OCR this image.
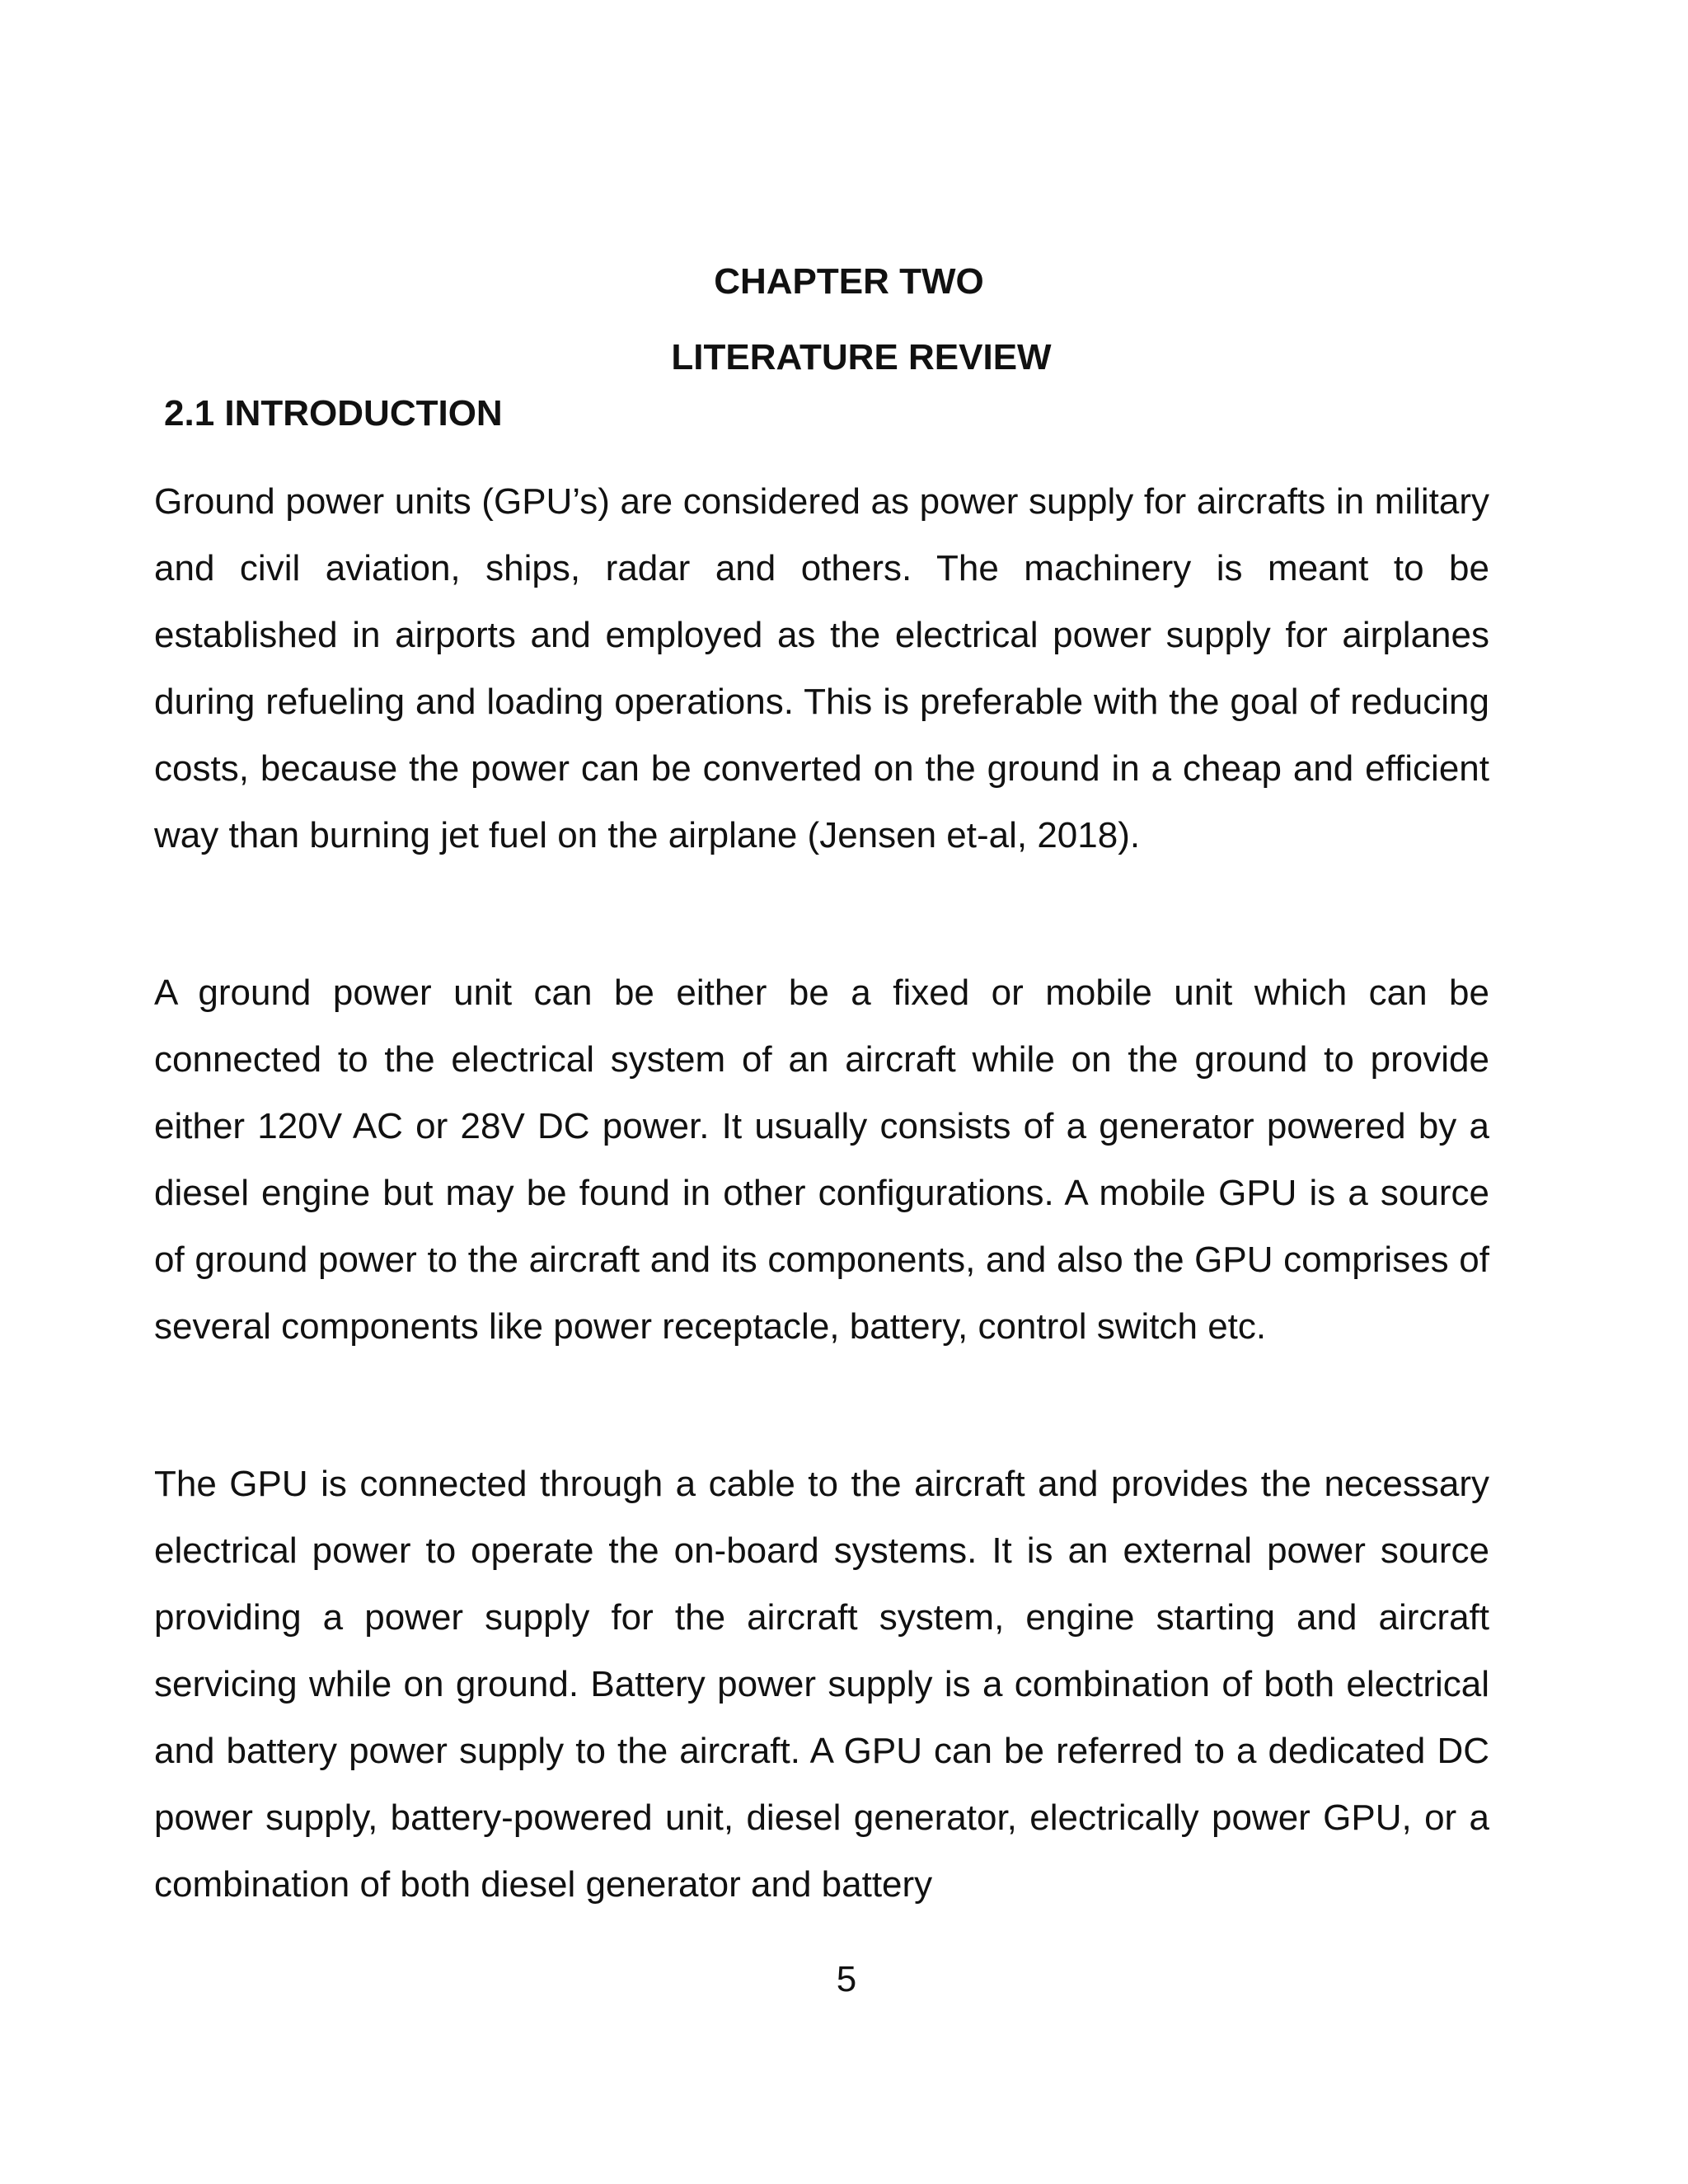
CHAPTER TWO
LITERATURE REVIEW
2.1 INTRODUCTION

Ground power units (GPU’s) are considered as power supply for aircrafts in military and civil aviation, ships, radar and others. The machinery is meant to be established in airports and employed as the electrical power supply for airplanes during refueling and loading operations. This is preferable with the goal of reducing costs, because the power can be converted on the ground in a cheap and efficient way than burning jet fuel on the airplane (Jensen et-al, 2018).

A ground power unit can be either be a fixed or mobile unit which can be connected to the electrical system of an aircraft while on the ground to provide either 120V AC or 28V DC power. It usually consists of a generator powered by a diesel engine but may be found in other configurations. A mobile GPU is a source of ground power to the aircraft and its components, and also the GPU comprises of several components like power receptacle, battery, control switch etc.

The GPU is connected through a cable to the aircraft and provides the necessary electrical power to operate the on-board systems. It is an external power source providing a power supply for the aircraft system, engine starting and aircraft servicing while on ground. Battery power supply is a combination of both electrical and battery power supply to the aircraft. A GPU can be referred to a dedicated DC power supply, battery-powered unit, diesel generator, electrically power GPU, or a combination of both diesel generator and battery

5
